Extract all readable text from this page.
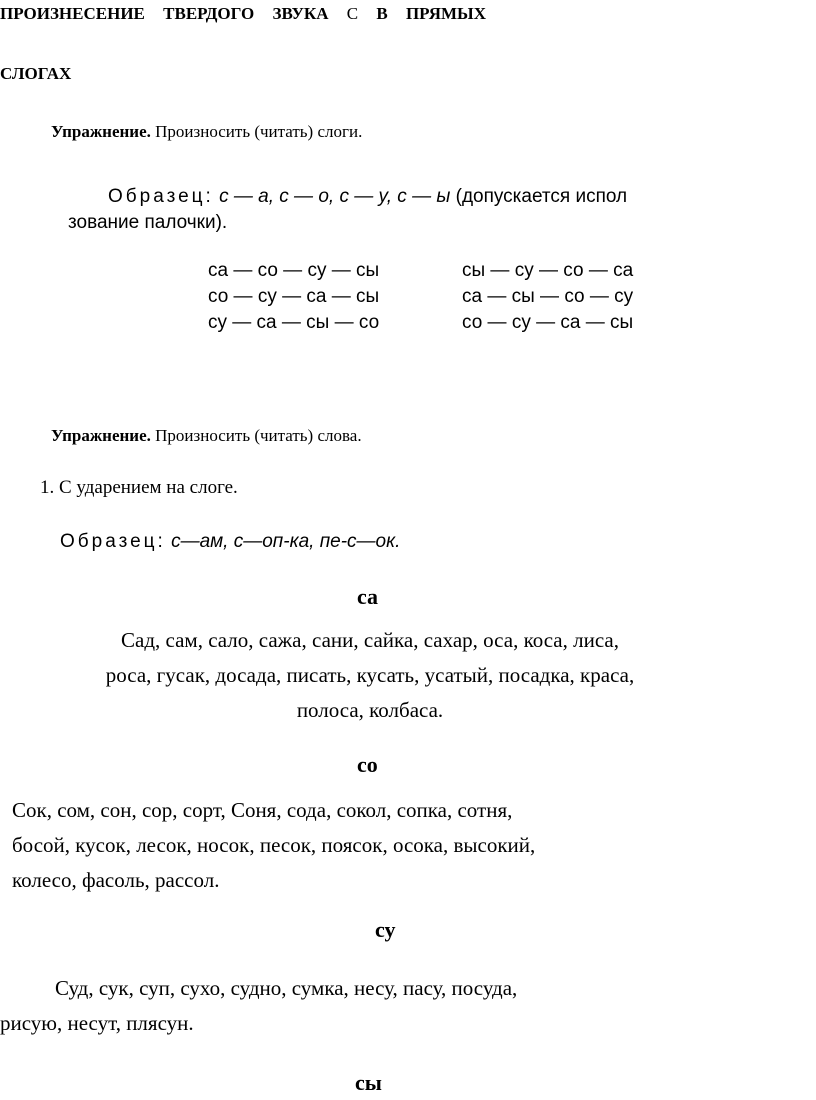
ПРОИЗНЕСЕНИЕ ТВЕРДОГО ЗВУКА С В ПРЯМЫХ
СЛОГАХ
Упражнение. Произносить (читать) слоги.
Образец: с — а, с — о, с — у, с — ы (допускается испол
зование палочки).
са — со — су — сы
со — су — са — сы
су — са — сы — со
сы — су — со — са
са — сы — со — су
со — су — са — сы
Упражнение. Произносить (читать) слова.
1. С ударением на слоге.
Образец: с—ам, с—оп-ка, пе-с—ок.
са
Сад, сам, сало, сажа, сани, сайка, сахар, оса, коса, лиса,
роса, гусак, досада, писать, кусать, усатый, посадка, краса,
полоса, колбаса.
со
Сок, сом, сон, сор, сорт, Соня, сода, сокол, сопка, сотня,
босой, кусок, лесок, носок, песок, поясок, осока, высокий,
колесо, фасоль, рассол.
су
Суд, сук, суп, сухо, судно, сумка, несу, пасу, посуда,
рисую, несут, плясун.
сы
